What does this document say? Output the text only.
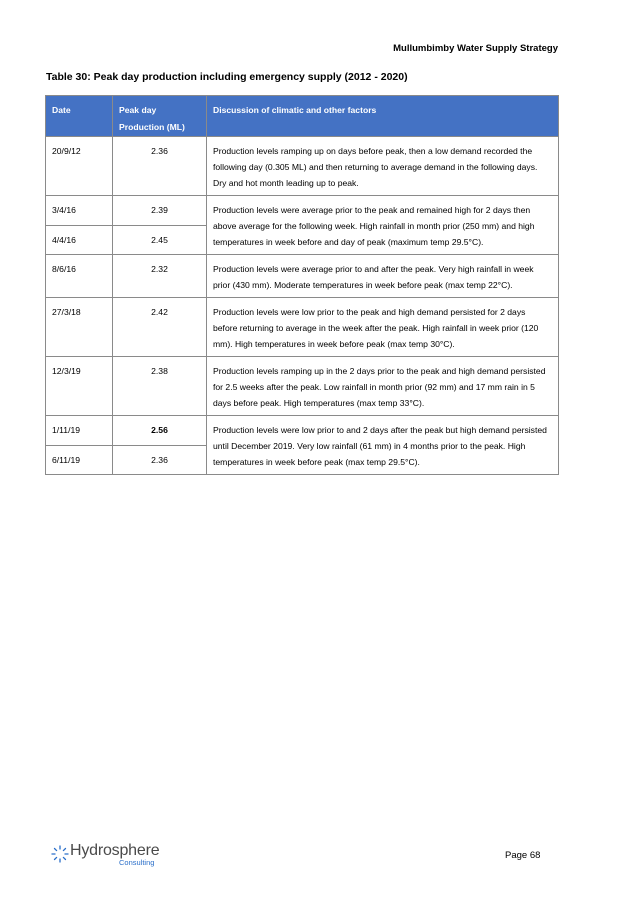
Mullumbimby Water Supply Strategy
Table 30: Peak day production including emergency supply (2012 - 2020)
Date	Peak day Production (ML)	Discussion of climatic and other factors
20/9/12	2.36	Production levels ramping up on days before peak, then a low demand recorded the following day (0.305 ML) and then returning to average demand in the following days. Dry and hot month leading up to peak.
3/4/16	2.39	Production levels were average prior to the peak and remained high for 2 days then above average for the following week. High rainfall in month prior (250 mm) and high temperatures in week before and day of peak (maximum temp 29.5°C).
4/4/16	2.45	
8/6/16	2.32	Production levels were average prior to and after the peak. Very high rainfall in week prior (430 mm). Moderate temperatures in week before peak (max temp 22°C).
27/3/18	2.42	Production levels were low prior to the peak and high demand persisted for 2 days before returning to average in the week after the peak. High rainfall in week prior (120 mm). High temperatures in week before peak (max temp 30°C).
12/3/19	2.38	Production levels ramping up in the 2 days prior to the peak and high demand persisted for 2.5 weeks after the peak. Low rainfall in month prior (92 mm) and 17 mm rain in 5 days before peak. High temperatures (max temp 33°C).
1/11/19	2.56	Production levels were low prior to and 2 days after the peak but high demand persisted until December 2019. Very low rainfall (61 mm) in 4 months prior to the peak. High temperatures in week before peak (max temp 29.5°C).
6/11/19	2.36	
Hydrosphere
Consulting
Page 68
